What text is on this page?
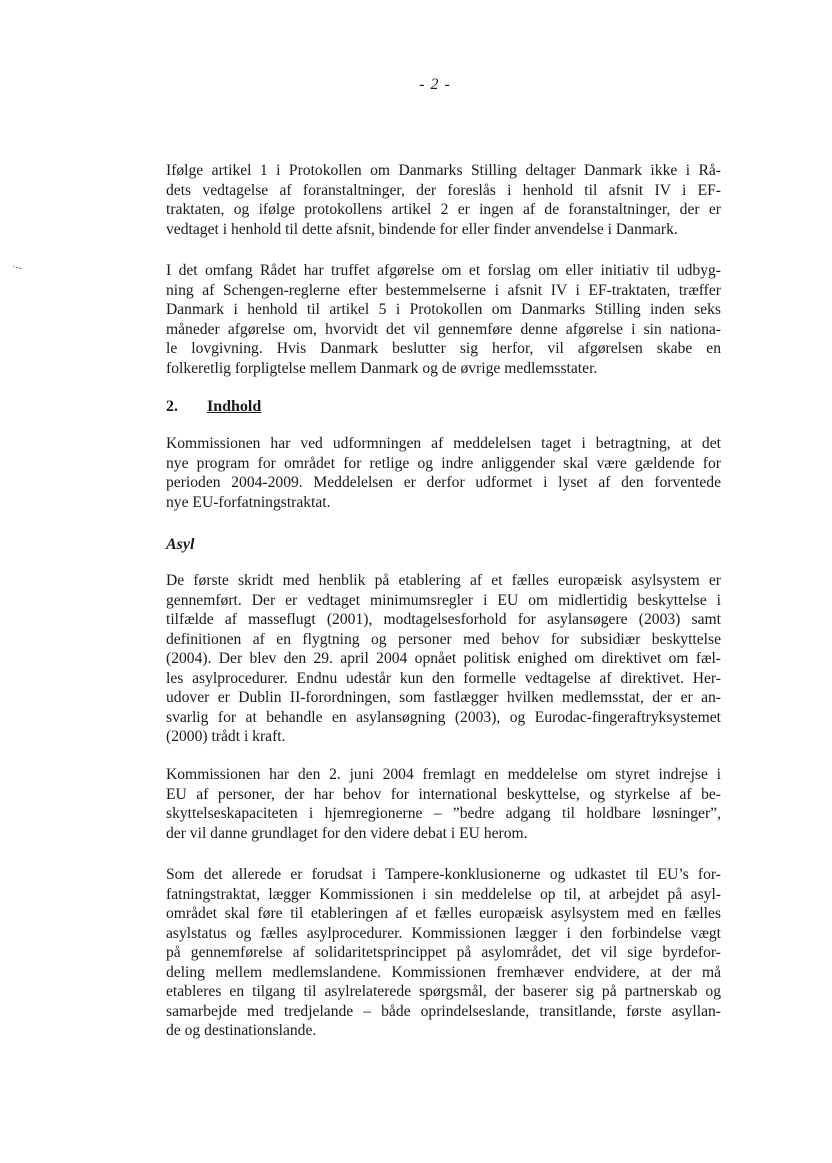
- 2 -
·‑‑
Ifølge artikel 1 i Protokollen om Danmarks Stilling deltager Danmark ikke i Rå-
dets vedtagelse af foranstaltninger, der foreslås i henhold til afsnit IV i EF-
traktaten, og ifølge protokollens artikel 2 er ingen af de foranstaltninger, der er
vedtaget i henhold til dette afsnit, bindende for eller finder anvendelse i Danmark.
I det omfang Rådet har truffet afgørelse om et forslag om eller initiativ til udbyg-
ning af Schengen-reglerne efter bestemmelserne i afsnit IV i EF-traktaten, træffer
Danmark i henhold til artikel 5 i Protokollen om Danmarks Stilling inden seks
måneder afgørelse om, hvorvidt det vil gennemføre denne afgørelse i sin nationa-
le lovgivning. Hvis Danmark beslutter sig herfor, vil afgørelsen skabe en
folkeretlig forpligtelse mellem Danmark og de øvrige medlemsstater.
2. Indhold
Kommissionen har ved udformningen af meddelelsen taget i betragtning, at det
nye program for området for retlige og indre anliggender skal være gældende for
perioden 2004-2009. Meddelelsen er derfor udformet i lyset af den forventede
nye EU-forfatningstraktat.
Asyl
De første skridt med henblik på etablering af et fælles europæisk asylsystem er
gennemført. Der er vedtaget minimumsregler i EU om midlertidig beskyttelse i
tilfælde af masseflugt (2001), modtagelsesforhold for asylansøgere (2003) samt
definitionen af en flygtning og personer med behov for subsidiær beskyttelse
(2004). Der blev den 29. april 2004 opnået politisk enighed om direktivet om fæl-
les asylprocedurer. Endnu udestår kun den formelle vedtagelse af direktivet. Her-
udover er Dublin II-forordningen, som fastlægger hvilken medlemsstat, der er an-
svarlig for at behandle en asylansøgning (2003), og Eurodac-fingeraftryksystemet
(2000) trådt i kraft.
Kommissionen har den 2. juni 2004 fremlagt en meddelelse om styret indrejse i
EU af personer, der har behov for international beskyttelse, og styrkelse af be-
skyttelseskapaciteten i hjemregionerne – ”bedre adgang til holdbare løsninger”,
der vil danne grundlaget for den videre debat i EU herom.
Som det allerede er forudsat i Tampere-konklusionerne og udkastet til EU’s for-
fatningstraktat, lægger Kommissionen i sin meddelelse op til, at arbejdet på asyl-
området skal føre til etableringen af et fælles europæisk asylsystem med en fælles
asylstatus og fælles asylprocedurer. Kommissionen lægger i den forbindelse vægt
på gennemførelse af solidaritetsprincippet på asylområdet, det vil sige byrdefor-
deling mellem medlemslandene. Kommissionen fremhæver endvidere, at der må
etableres en tilgang til asylrelaterede spørgsmål, der baserer sig på partnerskab og
samarbejde med tredjelande – både oprindelseslande, transitlande, første asyllan-
de og destinationslande.
